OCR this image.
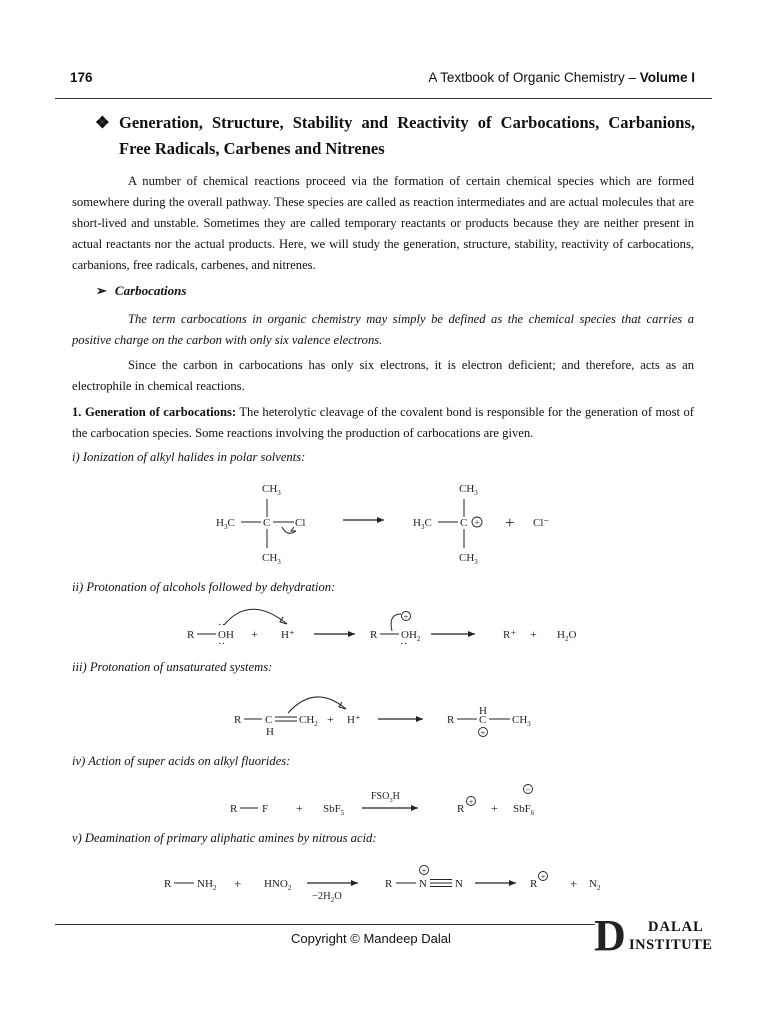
176	A Textbook of Organic Chemistry – Volume I
❖ Generation, Structure, Stability and Reactivity of Carbocations, Carbanions, Free Radicals, Carbenes and Nitrenes
A number of chemical reactions proceed via the formation of certain chemical species which are formed somewhere during the overall pathway. These species are called as reaction intermediates and are actual molecules that are short-lived and unstable. Sometimes they are called temporary reactants or products because they are neither present in actual reactants nor the actual products. Here, we will study the generation, structure, stability, reactivity of carbocations, carbanions, free radicals, carbenes, and nitrenes.
➢ Carbocations
The term carbocations in organic chemistry may simply be defined as the chemical species that carries a positive charge on the carbon with only six valence electrons.
Since the carbon in carbocations has only six electrons, it is electron deficient; and therefore, acts as an electrophile in chemical reactions.
1. Generation of carbocations: The heterolytic cleavage of the covalent bond is responsible for the generation of most of the carbocation species. Some reactions involving the production of carbocations are given.
i) Ionization of alkyl halides in polar solvents:
$CH_3$
$H_3C$	C Cl
$CH_3$
$CH_3$
$H_3C$	C +
$CH_3$
+ Cl⁻
ii) Protonation of alcohols followed by dehydration:
R OH
··
··
+ H⁺	R $OH_2$
··
+
$R^+ + H_2O$
iii) Protonation of unsaturated systems:
R C
H
$CH_2 + H^+$	R
H
C
+
$CH_3$
iv) Action of super acids on alkyl fluorides:
R F + SbF$_5$
$FSO_3H$
R
+ + SbF$_6$
−
v) Deamination of primary aliphatic amines by nitrous acid:
R $NH_2 + HNO_2$
$-2H_2O$
R N
+
N	R
+ + $N_2$
Copyright © Mandeep Dalal	D DALAL
INSTITUTE
